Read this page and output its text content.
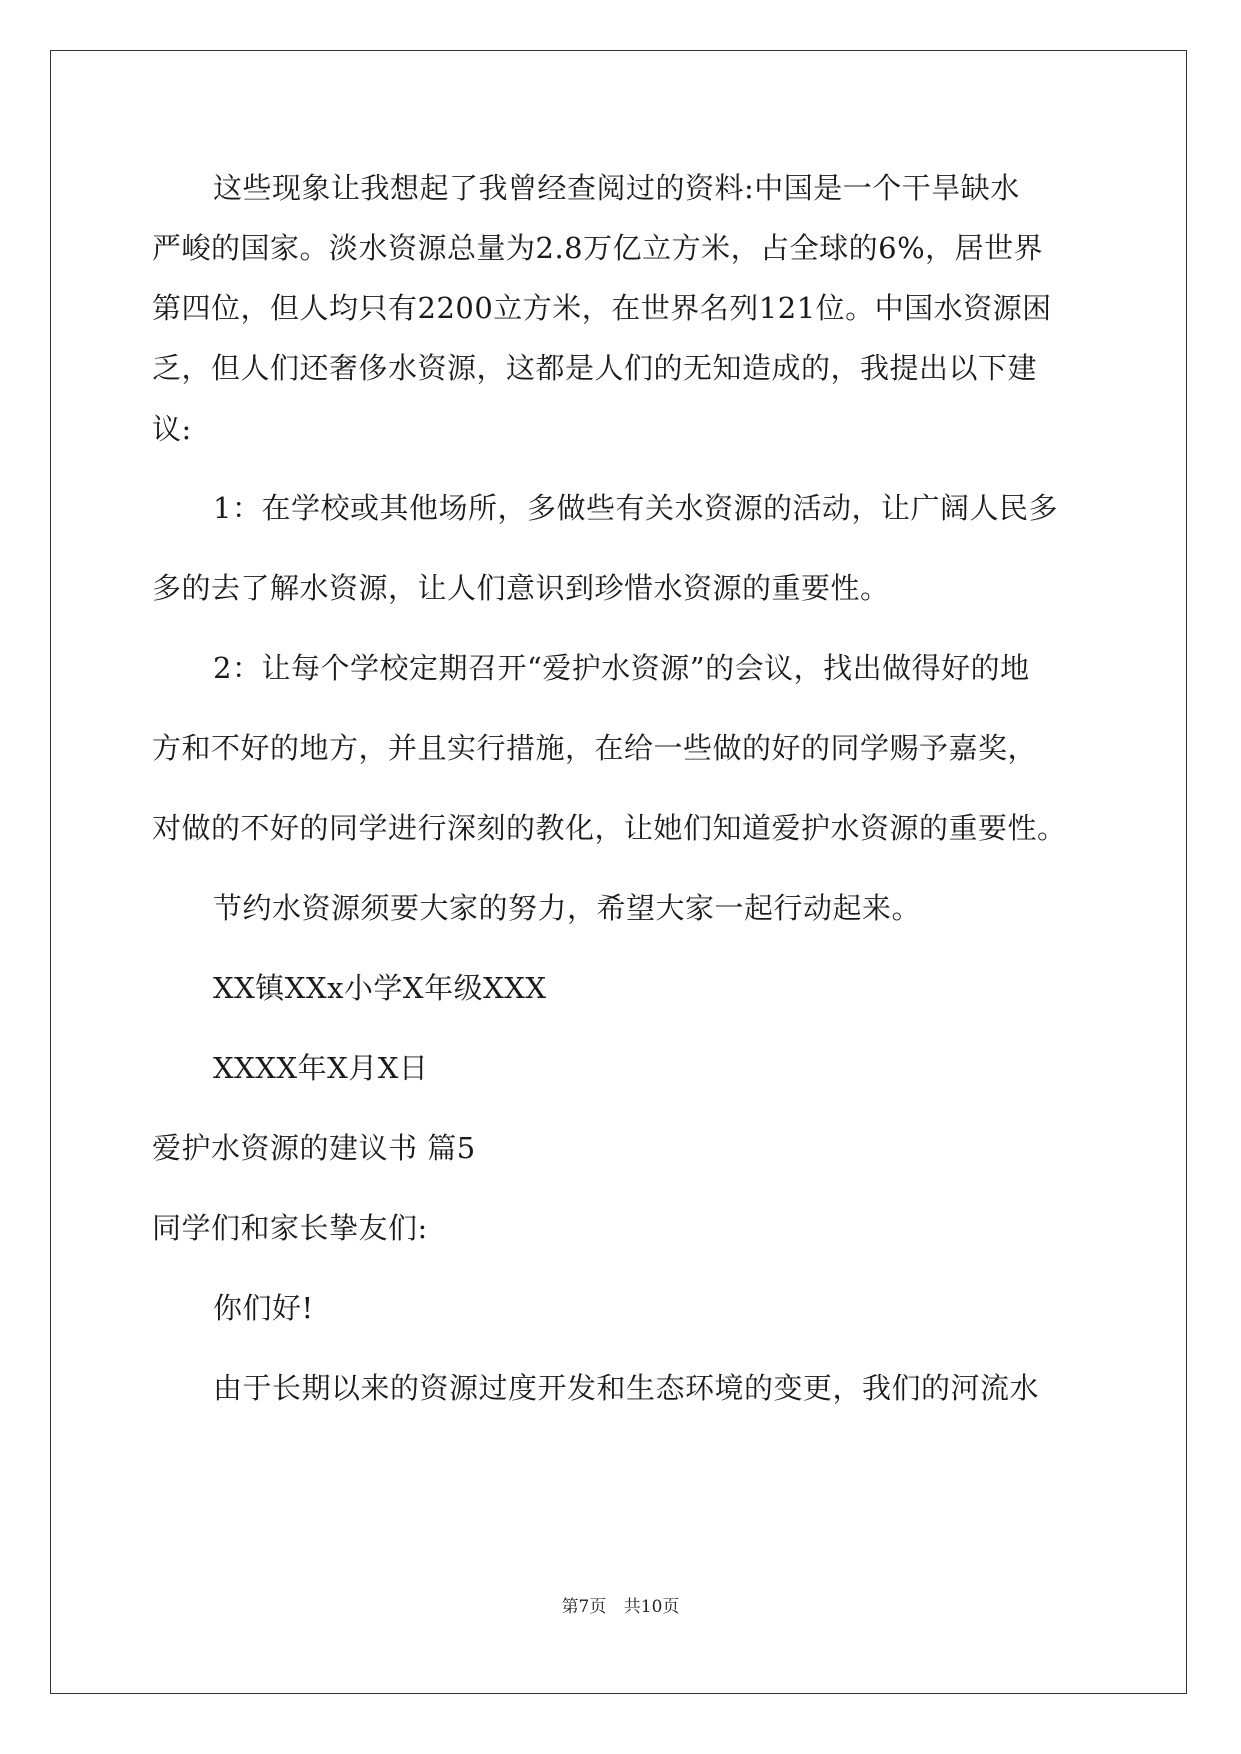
这些现象让我想起了我曾经查阅过的资料:中国是一个干旱缺水
严峻的国家。淡水资源总量为2.8万亿立方米，占全球的6%，居世界
第四位，但人均只有2200立方米，在世界名列121位。中国水资源困
乏，但人们还奢侈水资源，这都是人们的无知造成的，我提出以下建
议:
1：在学校或其他场所，多做些有关水资源的活动，让广阔人民多
多的去了解水资源，让人们意识到珍惜水资源的重要性。
2：让每个学校定期召开“爱护水资源”的会议，找出做得好的地
方和不好的地方，并且实行措施，在给一些做的好的同学赐予嘉奖，
对做的不好的同学进行深刻的教化，让她们知道爱护水资源的重要性。
节约水资源须要大家的努力，希望大家一起行动起来。
XX镇XXx小学X年级XXX
XXXX年X月X日
爱护水资源的建议书 篇5
同学们和家长挚友们:
你们好!
由于长期以来的资源过度开发和生态环境的变更，我们的河流水
第7页 共10页
